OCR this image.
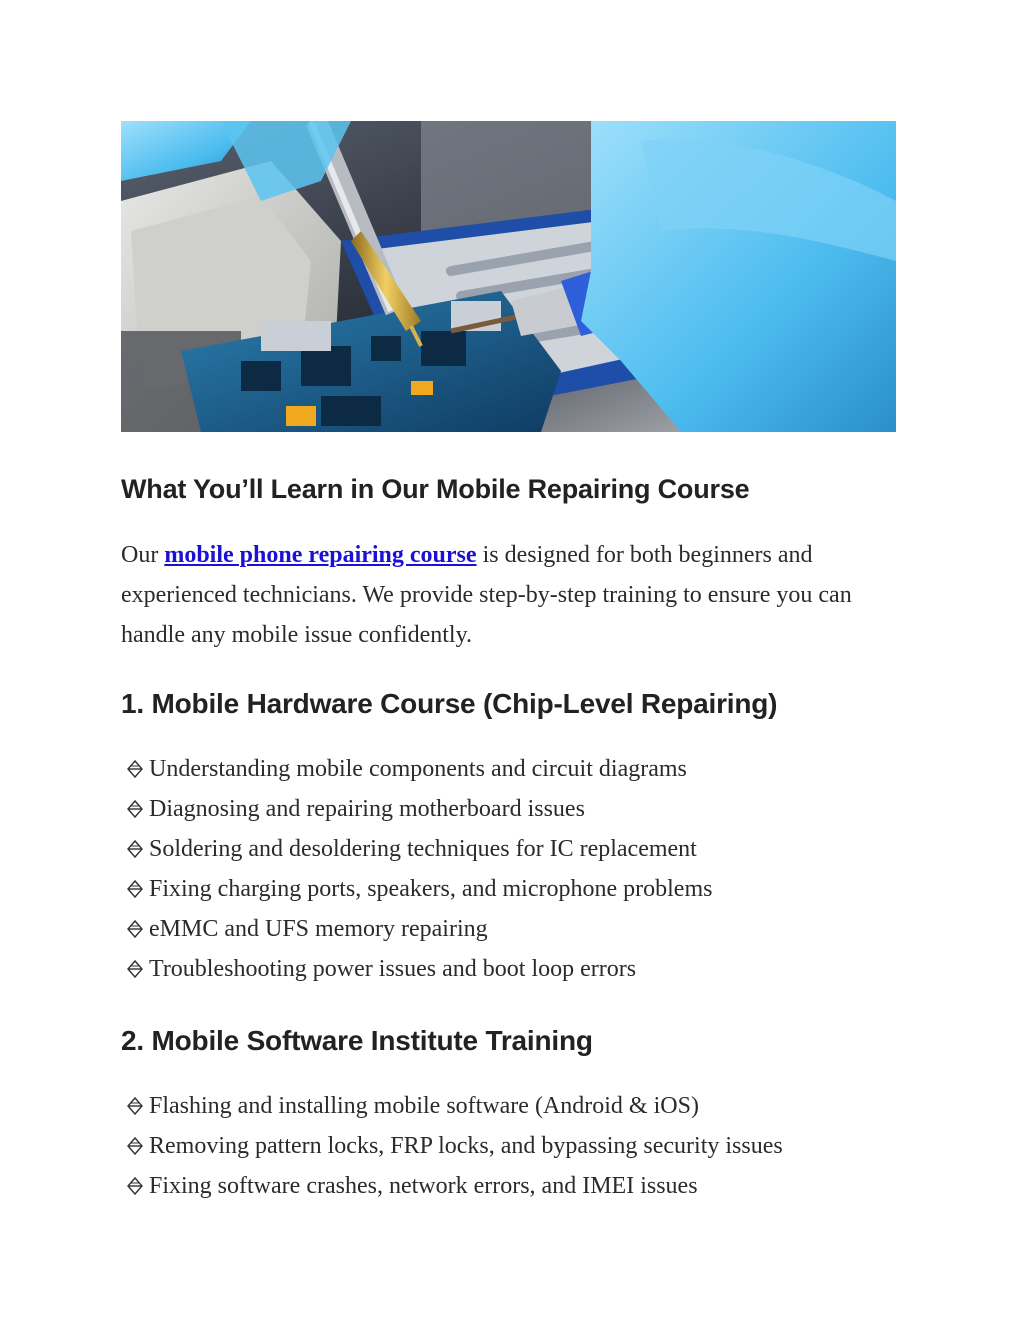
What You’ll Learn in Our Mobile Repairing Course

Our mobile phone repairing course is designed for both beginners and experienced technicians. We provide step-by-step training to ensure you can handle any mobile issue confidently.

1. Mobile Hardware Course (Chip-Level Repairing)
Understanding mobile components and circuit diagrams
Diagnosing and repairing motherboard issues
Soldering and desoldering techniques for IC replacement
Fixing charging ports, speakers, and microphone problems
eMMC and UFS memory repairing
Troubleshooting power issues and boot loop errors
2. Mobile Software Institute Training
Flashing and installing mobile software (Android & iOS)
Removing pattern locks, FRP locks, and bypassing security issues
Fixing software crashes, network errors, and IMEI issues
